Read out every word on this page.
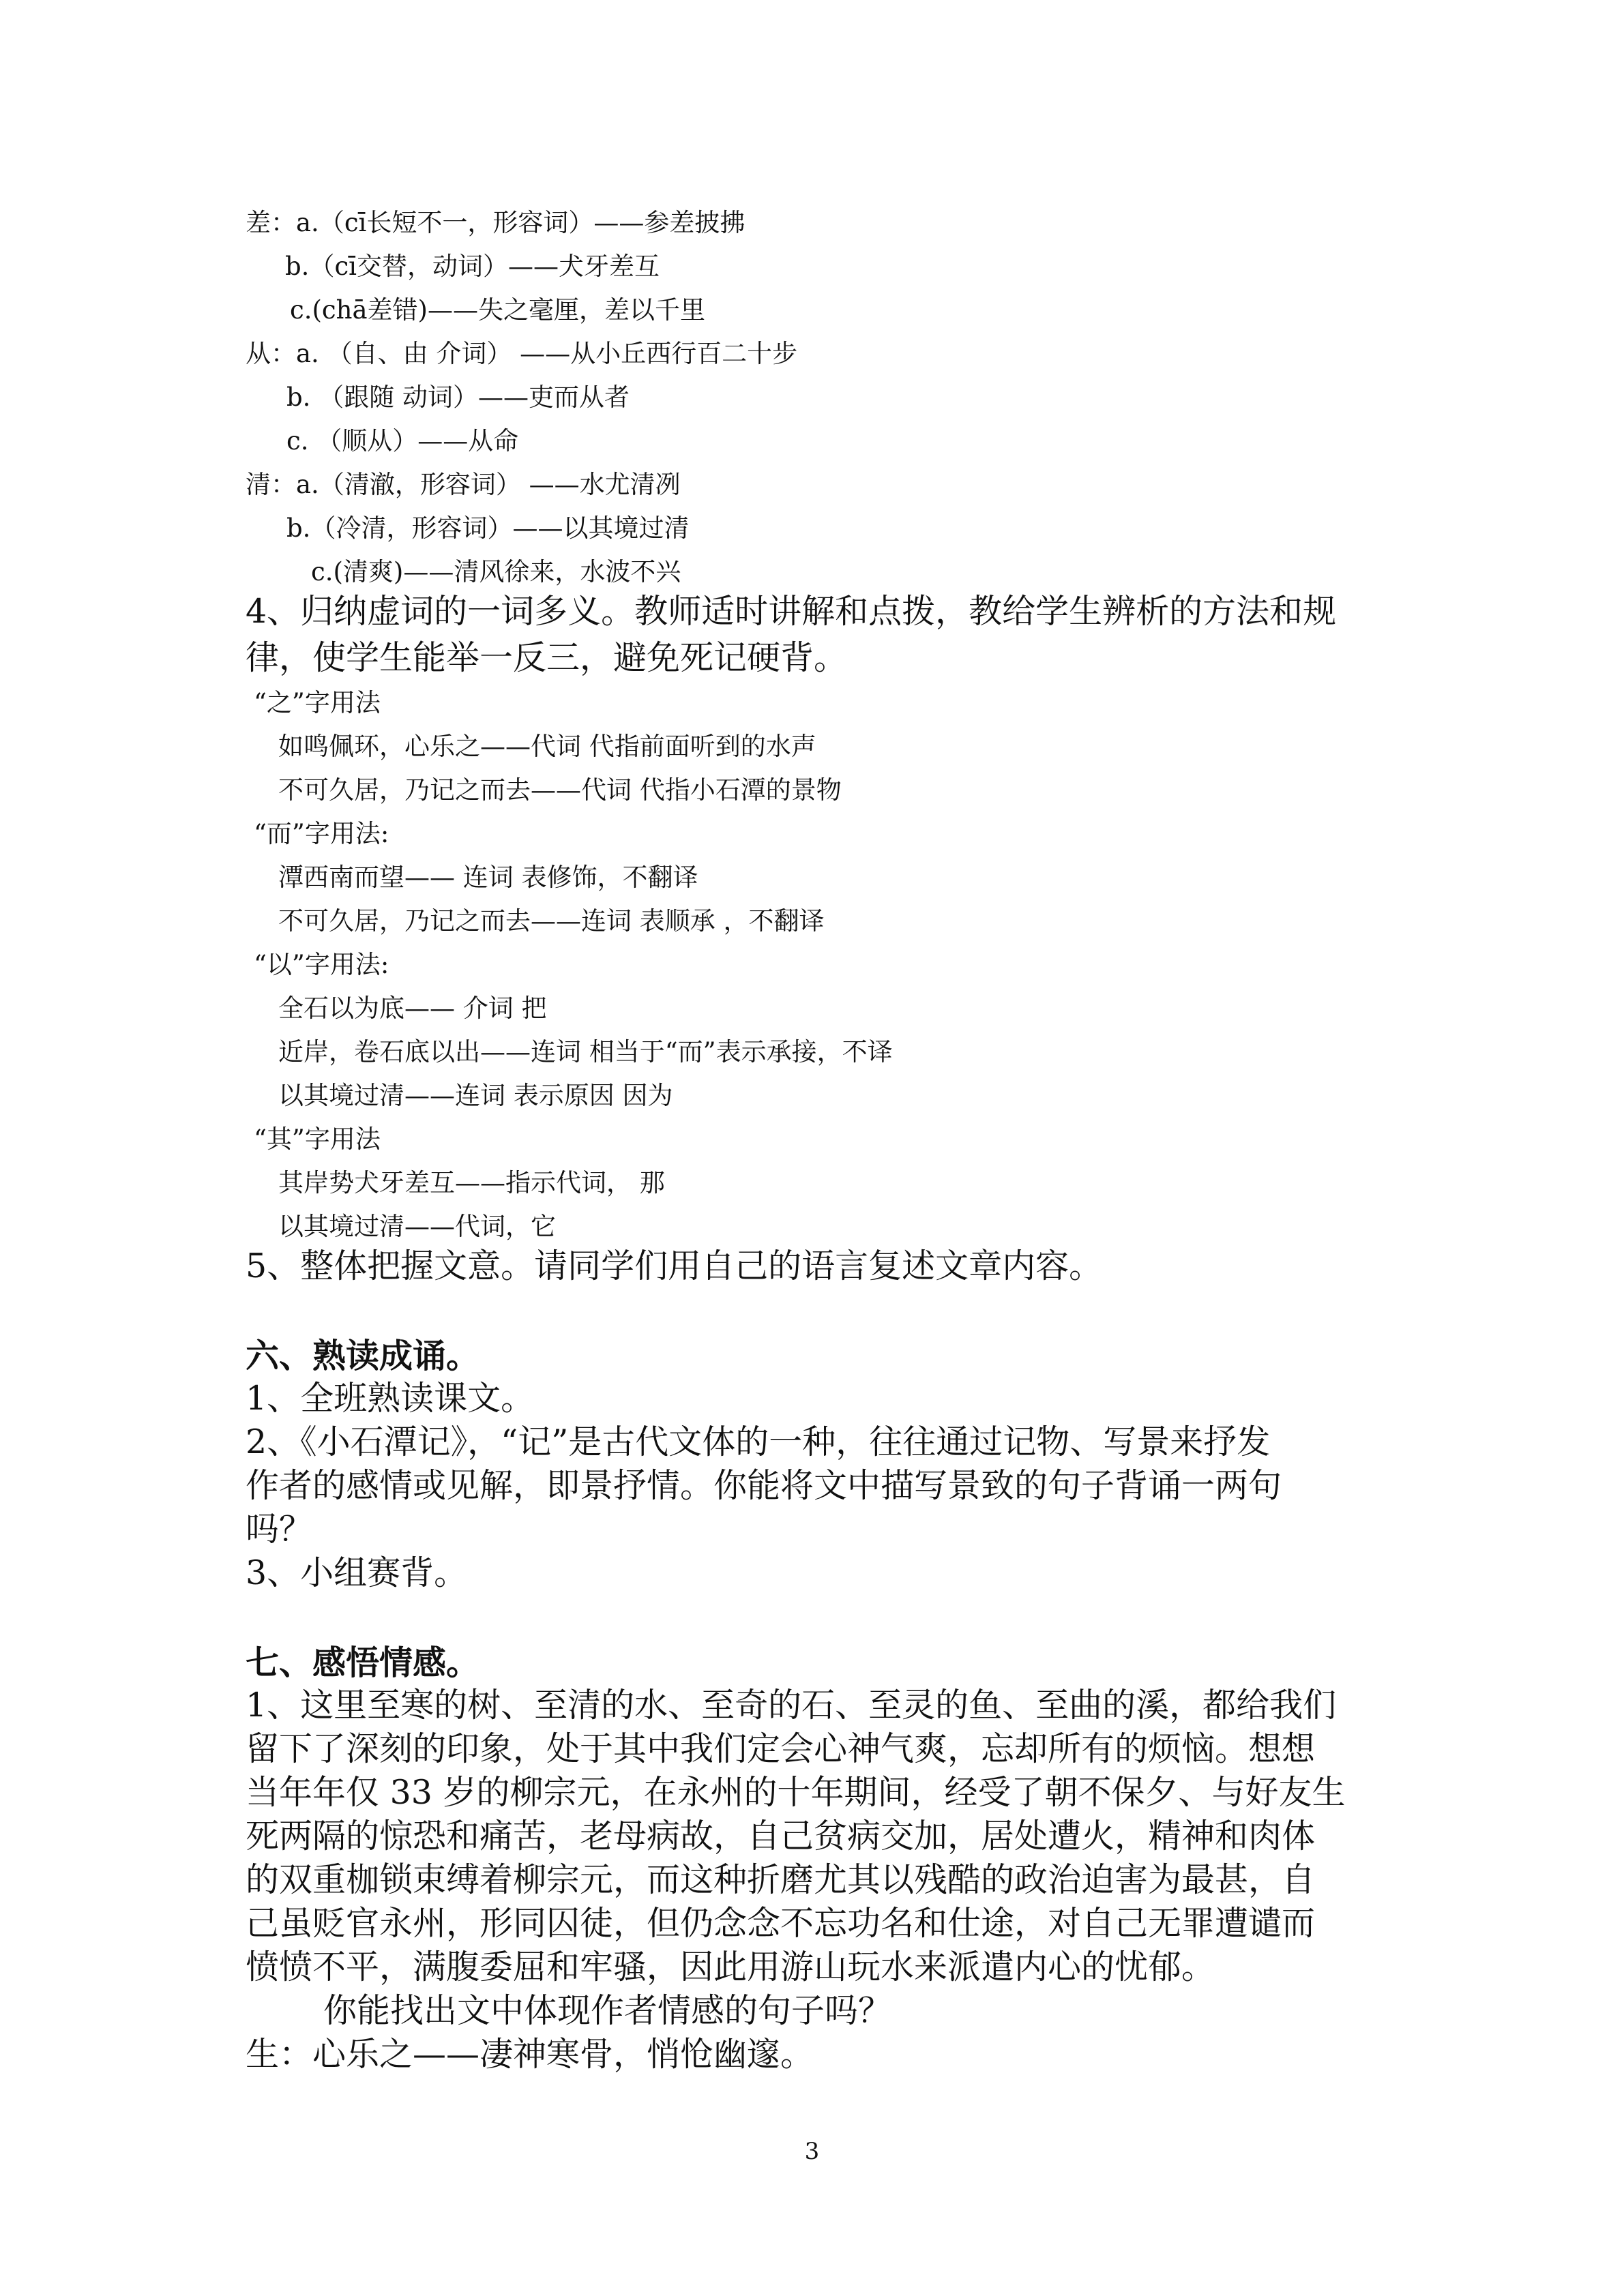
差：a.（cī长短不一，形容词）——参差披拂
b.（cī交替，动词）——犬牙差互
c.(chā差错)——失之毫厘，差以千里
从：a. （自、由 介词） ——从小丘西行百二十步
b. （跟随 动词）——吏而从者
c. （顺从）——从命
清：a.（清澈，形容词） ——水尤清冽
b.（冷清，形容词）——以其境过清
c.(清爽)——清风徐来，水波不兴
4、归纳虚词的一词多义。教师适时讲解和点拨，教给学生辨析的方法和规
律，使学生能举一反三，避免死记硬背。
“之”字用法
如鸣佩环，心乐之——代词 代指前面听到的水声
不可久居，乃记之而去——代词 代指小石潭的景物
“而”字用法:
潭西南而望—— 连词 表修饰，不翻译
不可久居，乃记之而去——连词 表顺承 ，不翻译
“以”字用法:
全石以为底—— 介词 把
近岸，卷石底以出——连词 相当于“而”表示承接，不译
以其境过清——连词 表示原因 因为
“其”字用法
其岸势犬牙差互——指示代词， 那
以其境过清——代词，它
5、整体把握文意。请同学们用自己的语言复述文章内容。
六、熟读成诵。
1、全班熟读课文。
2、《小石潭记》，“记”是古代文体的一种，往往通过记物、写景来抒发
作者的感情或见解，即景抒情。你能将文中描写景致的句子背诵一两句
吗？
3、小组赛背。
七、感悟情感。
1、这里至寒的树、至清的水、至奇的石、至灵的鱼、至曲的溪，都给我们
留下了深刻的印象，处于其中我们定会心神气爽，忘却所有的烦恼。想想
当年年仅 33 岁的柳宗元，在永州的十年期间，经受了朝不保夕、与好友生
死两隔的惊恐和痛苦，老母病故，自己贫病交加，居处遭火，精神和肉体
的双重枷锁束缚着柳宗元，而这种折磨尤其以残酷的政治迫害为最甚，自
己虽贬官永州，形同囚徒，但仍念念不忘功名和仕途，对自己无罪遭谴而
愤愤不平，满腹委屈和牢骚，因此用游山玩水来派遣内心的忧郁。
你能找出文中体现作者情感的句子吗？
生：心乐之——凄神寒骨，悄怆幽邃。
3
